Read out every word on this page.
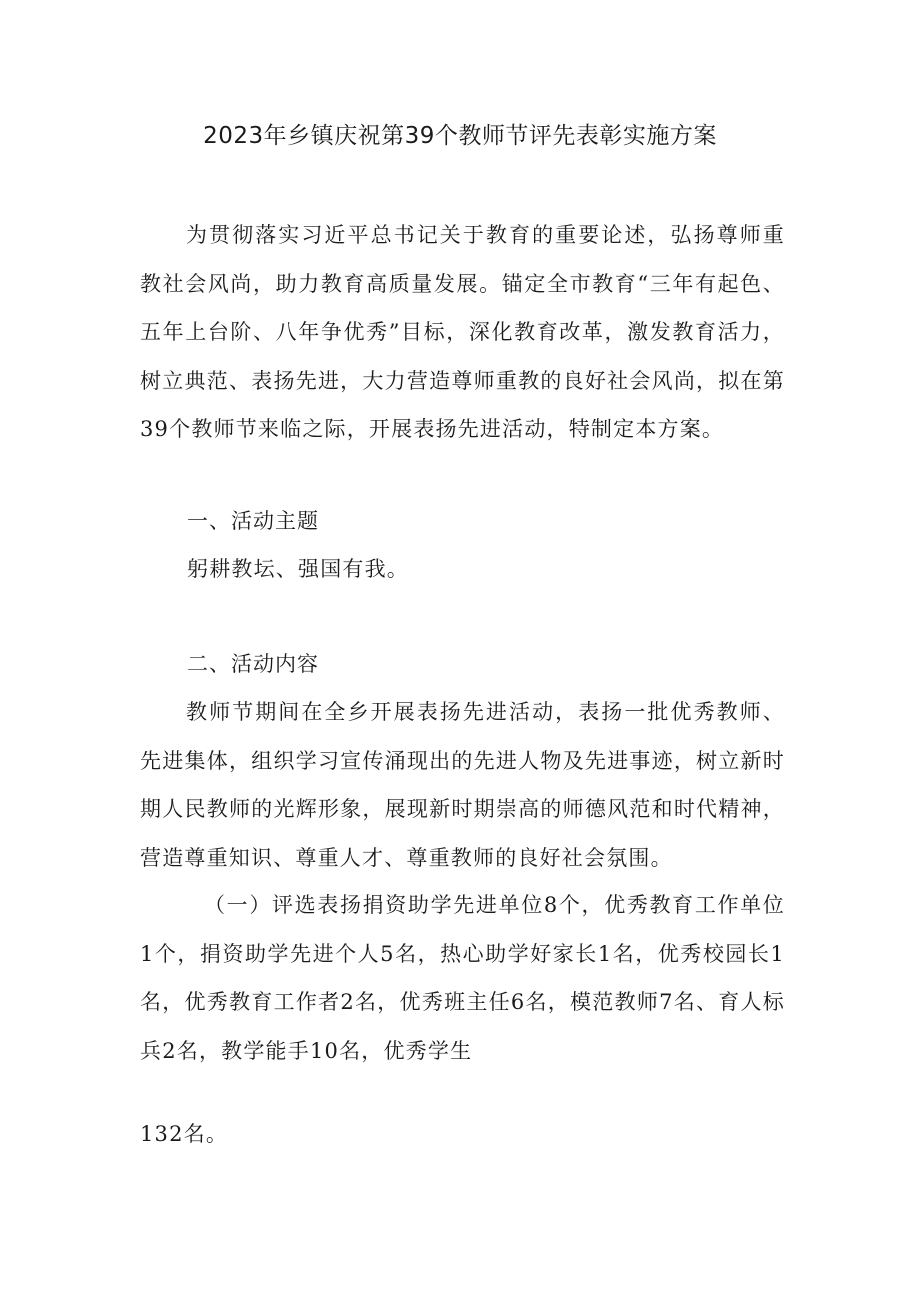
2023年乡镇庆祝第39个教师节评先表彰实施方案

为贯彻落实习近平总书记关于教育的重要论述，弘扬尊师重教社会风尚，助力教育高质量发展。锚定全市教育“三年有起色、五年上台阶、八年争优秀”目标，深化教育改革，激发教育活力，树立典范、表扬先进，大力营造尊师重教的良好社会风尚，拟在第39个教师节来临之际，开展表扬先进活动，特制定本方案。

一、活动主题

躬耕教坛、强国有我。

二、活动内容

教师节期间在全乡开展表扬先进活动，表扬一批优秀教师、先进集体，组织学习宣传涌现出的先进人物及先进事迹，树立新时期人民教师的光辉形象，展现新时期崇高的师德风范和时代精神，营造尊重知识、尊重人才、尊重教师的良好社会氛围。

（一）评选表扬捐资助学先进单位8个，优秀教育工作单位1个，捐资助学先进个人5名，热心助学好家长1名，优秀校园长1名，优秀教育工作者2名，优秀班主任6名，模范教师7名、育人标兵2名，教学能手10名，优秀学生

132名。
